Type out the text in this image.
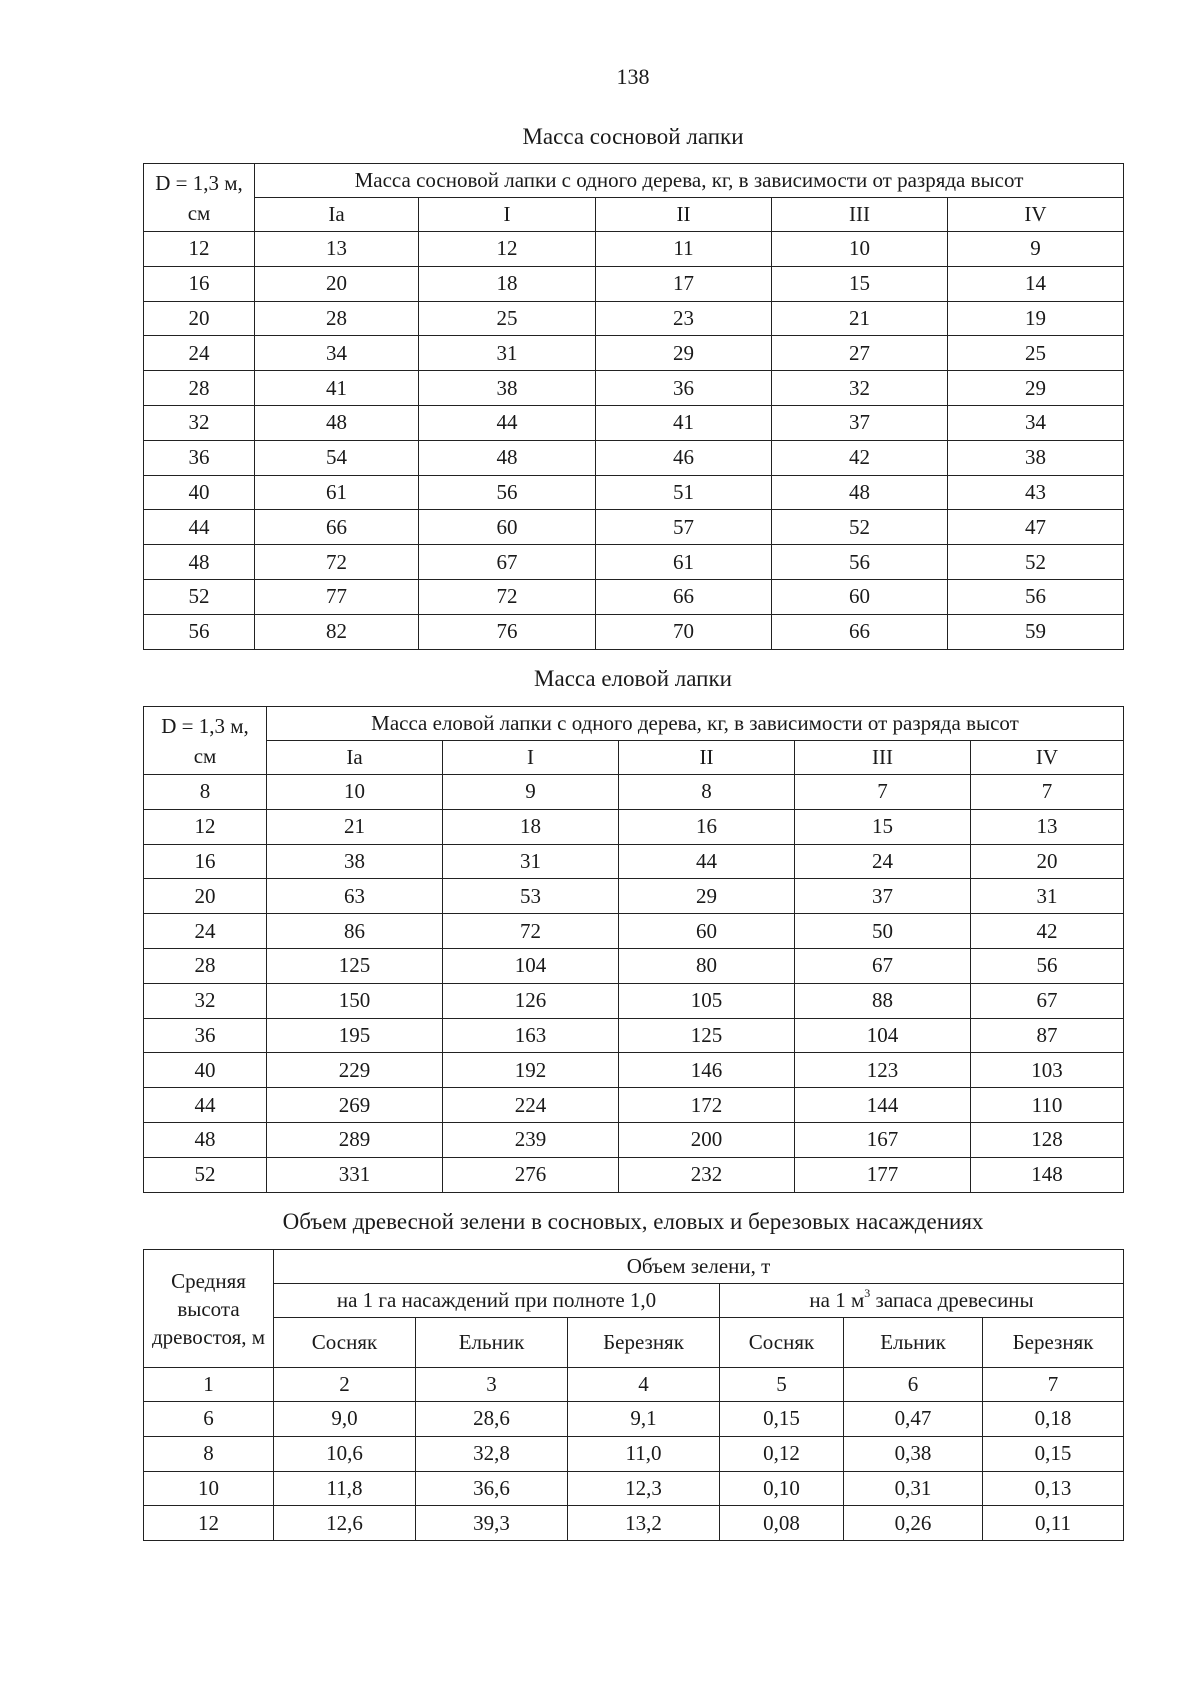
138
Масса сосновой лапки
D = 1,3 м, см	Масса сосновой лапки с одного дерева, кг, в зависимости от разряда высот				
	Ia	I	II	III	IV
12	13	12	11	10	9
16	20	18	17	15	14
20	28	25	23	21	19
24	34	31	29	27	25
28	41	38	36	32	29
32	48	44	41	37	34
36	54	48	46	42	38
40	61	56	51	48	43
44	66	60	57	52	47
48	72	67	61	56	52
52	77	72	66	60	56
56	82	76	70	66	59
Масса еловой лапки
D = 1,3 м, см	Масса еловой лапки с одного дерева, кг, в зависимости от разряда высот				
	Ia	I	II	III	IV
8	10	9	8	7	7
12	21	18	16	15	13
16	38	31	44	24	20
20	63	53	29	37	31
24	86	72	60	50	42
28	125	104	80	67	56
32	150	126	105	88	67
36	195	163	125	104	87
40	229	192	146	123	103
44	269	224	172	144	110
48	289	239	200	167	128
52	331	276	232	177	148
Объем древесной зелени в сосновых, еловых и березовых насаждениях
Средняя высота древостоя, м	Объем зелени, т					
	на 1 га насаждений при полноте 1,0			на 1 $м^3$ запаса древесины		
	Сосняк	Ельник	Березняк	Сосняк	Ельник	Березняк
1	2	3	4	5	6	7
6	9,0	28,6	9,1	0,15	0,47	0,18
8	10,6	32,8	11,0	0,12	0,38	0,15
10	11,8	36,6	12,3	0,10	0,31	0,13
12	12,6	39,3	13,2	0,08	0,26	0,11
